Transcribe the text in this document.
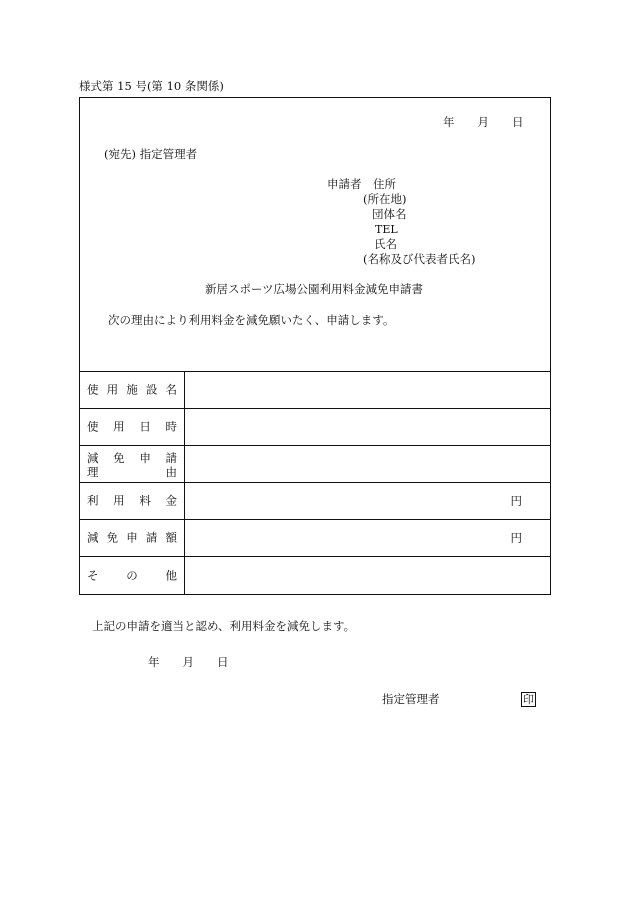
様式第 15 号(第 10 条関係)
年　　月　　日
(宛先) 指定管理者
申請者　住所
(所在地)
団体名
TEL
氏名
(名称及び代表者氏名)
新居スポーツ広場公園利用料金減免申請書
次の理由により利用料金を減免願いたく、申請します。
使用施設名
使用日時
減免申請
理由
利用料金	円
減免申請額	円
その他
上記の申請を適当と認め、利用料金を減免します。
年　　月　　日
指定管理者	印
